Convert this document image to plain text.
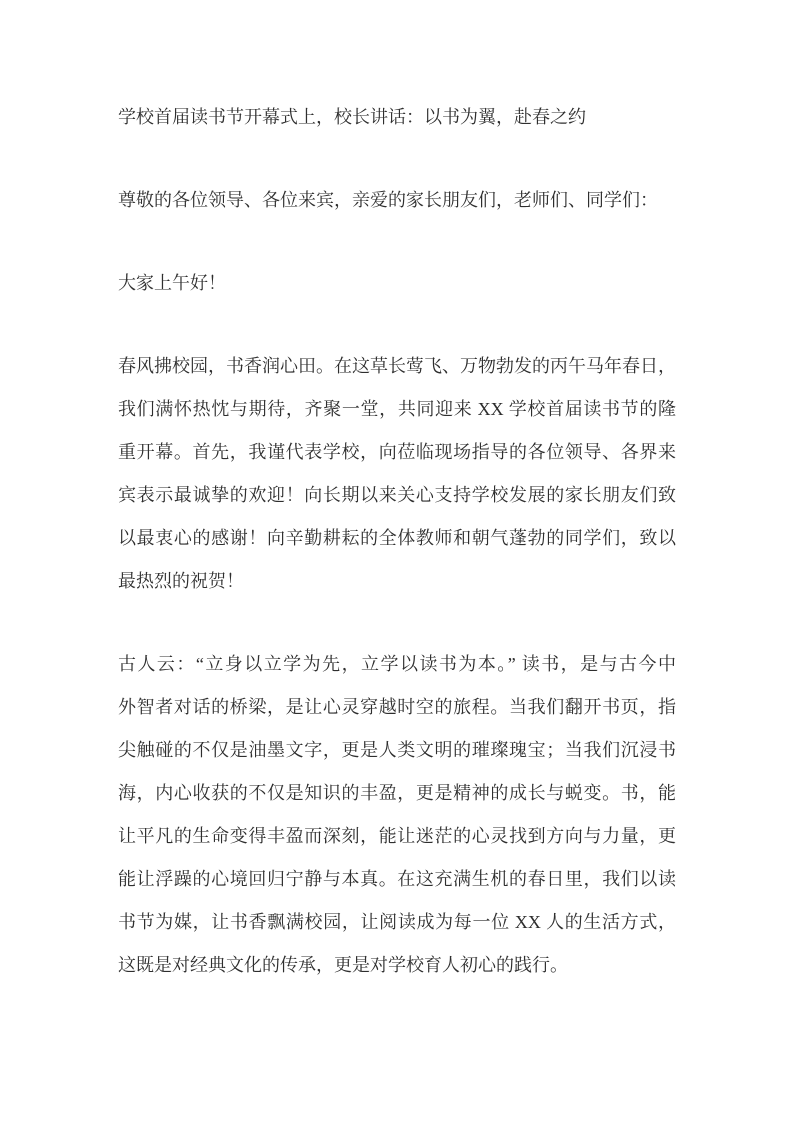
学校首届读书节开幕式上，校长讲话：以书为翼，赴春之约

尊敬的各位领导、各位来宾，亲爱的家长朋友们，老师们、同学们：

大家上午好！

春风拂校园，书香润心田。在这草长莺飞、万物勃发的丙午马年春日，
我们满怀热忱与期待，齐聚一堂，共同迎来 XX 学校首届读书节的隆
重开幕。首先，我谨代表学校，向莅临现场指导的各位领导、各界来
宾表示最诚挚的欢迎！向长期以来关心支持学校发展的家长朋友们致
以最衷心的感谢！向辛勤耕耘的全体教师和朝气蓬勃的同学们，致以
最热烈的祝贺！
古人云：“立身以立学为先，立学以读书为本。” 读书，是与古今中
外智者对话的桥梁，是让心灵穿越时空的旅程。当我们翻开书页，指
尖触碰的不仅是油墨文字，更是人类文明的璀璨瑰宝；当我们沉浸书
海，内心收获的不仅是知识的丰盈，更是精神的成长与蜕变。书，能
让平凡的生命变得丰盈而深刻，能让迷茫的心灵找到方向与力量，更
能让浮躁的心境回归宁静与本真。在这充满生机的春日里，我们以读
书节为媒，让书香飘满校园，让阅读成为每一位 XX 人的生活方式，
这既是对经典文化的传承，更是对学校育人初心的践行。
